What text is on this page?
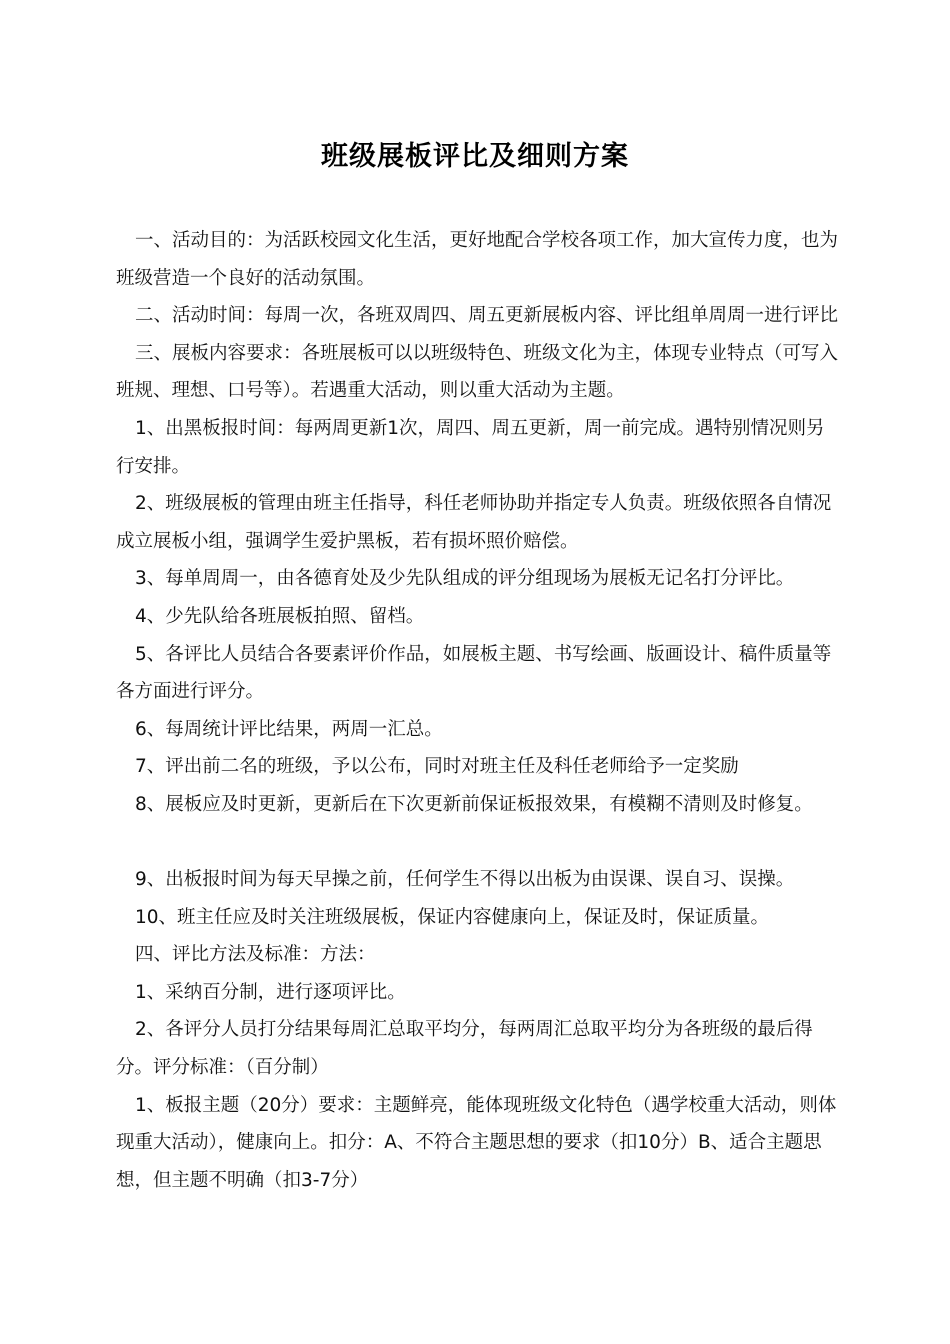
班级展板评比及细则方案

一、活动目的：为活跃校园文化生活，更好地配合学校各项工作，加大宣传力度，也为班级营造一个良好的活动氛围。

二、活动时间：每周一次，各班双周四、周五更新展板内容、评比组单周周一进行评比

三、展板内容要求：各班展板可以以班级特色、班级文化为主，体现专业特点（可写入班规、理想、口号等）。若遇重大活动，则以重大活动为主题。

1、出黑板报时间：每两周更新1次，周四、周五更新，周一前完成。遇特别情况则另行安排。

2、班级展板的管理由班主任指导，科任老师协助并指定专人负责。班级依照各自情况成立展板小组，强调学生爱护黑板，若有损坏照价赔偿。

3、每单周周一，由各德育处及少先队组成的评分组现场为展板无记名打分评比。

4、少先队给各班展板拍照、留档。

5、各评比人员结合各要素评价作品，如展板主题、书写绘画、版画设计、稿件质量等各方面进行评分。

6、每周统计评比结果，两周一汇总。

7、评出前二名的班级，予以公布，同时对班主任及科任老师给予一定奖励

8、展板应及时更新，更新后在下次更新前保证板报效果，有模糊不清则及时修复。

9、出板报时间为每天早操之前，任何学生不得以出板为由误课、误自习、误操。

10、班主任应及时关注班级展板，保证内容健康向上，保证及时，保证质量。

四、评比方法及标准：方法：

1、采纳百分制，进行逐项评比。

2、各评分人员打分结果每周汇总取平均分，每两周汇总取平均分为各班级的最后得分。评分标准：（百分制）

1、板报主题（20分）要求：主题鲜亮，能体现班级文化特色（遇学校重大活动，则体现重大活动），健康向上。扣分：A、不符合主题思想的要求（扣10分）B、适合主题思想，但主题不明确（扣3-7分）
